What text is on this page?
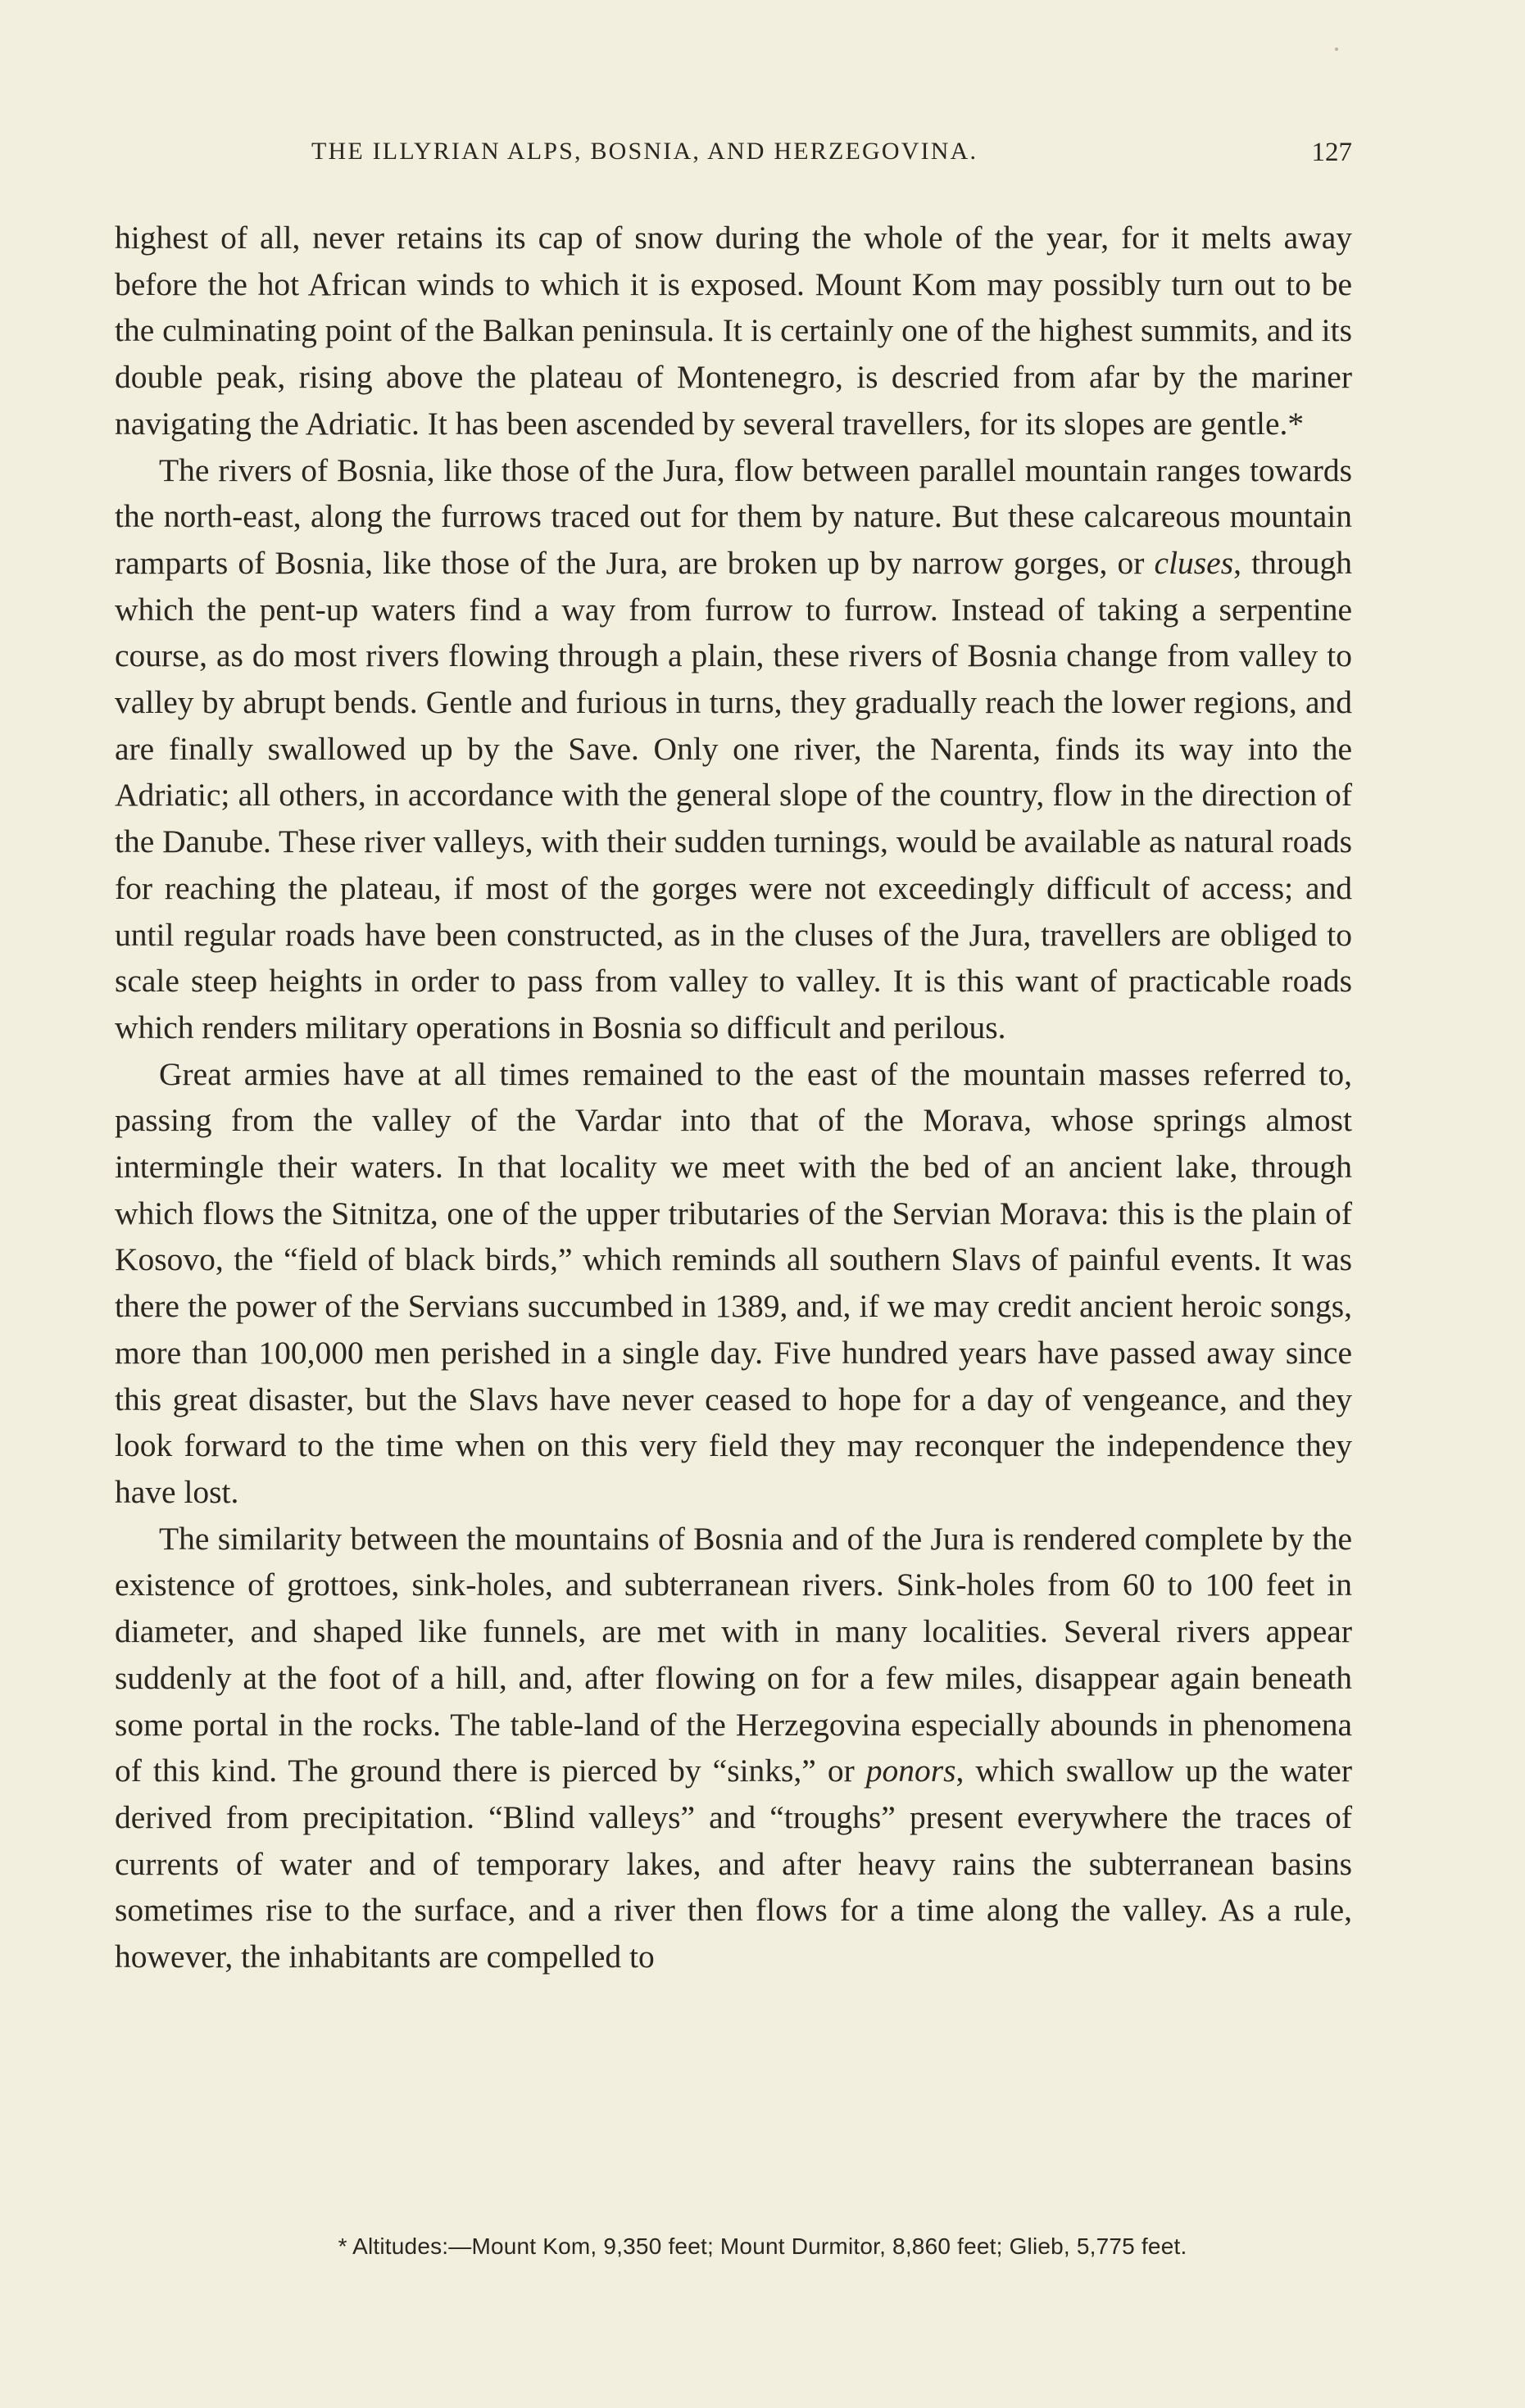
THE ILLYRIAN ALPS, BOSNIA, AND HERZEGOVINA.	127

highest of all, never retains its cap of snow during the whole of the year, for it melts away before the hot African winds to which it is exposed. Mount Kom may possibly turn out to be the culminating point of the Balkan peninsula. It is certainly one of the highest summits, and its double peak, rising above the plateau of Montenegro, is descried from afar by the mariner navigating the Adriatic. It has been ascended by several travellers, for its slopes are gentle.*

The rivers of Bosnia, like those of the Jura, flow between parallel mountain ranges towards the north-east, along the furrows traced out for them by nature. But these calcareous mountain ramparts of Bosnia, like those of the Jura, are broken up by narrow gorges, or cluses, through which the pent-up waters find a way from furrow to furrow. Instead of taking a serpentine course, as do most rivers flowing through a plain, these rivers of Bosnia change from valley to valley by abrupt bends. Gentle and furious in turns, they gradually reach the lower regions, and are finally swallowed up by the Save. Only one river, the Narenta, finds its way into the Adriatic; all others, in accordance with the general slope of the country, flow in the direction of the Danube. These river valleys, with their sudden turnings, would be available as natural roads for reaching the plateau, if most of the gorges were not exceedingly difficult of access; and until regular roads have been constructed, as in the cluses of the Jura, travellers are obliged to scale steep heights in order to pass from valley to valley. It is this want of practicable roads which renders military operations in Bosnia so difficult and perilous.

Great armies have at all times remained to the east of the mountain masses referred to, passing from the valley of the Vardar into that of the Morava, whose springs almost intermingle their waters. In that locality we meet with the bed of an ancient lake, through which flows the Sitnitza, one of the upper tributaries of the Servian Morava: this is the plain of Kosovo, the “field of black birds,” which reminds all southern Slavs of painful events. It was there the power of the Servians succumbed in 1389, and, if we may credit ancient heroic songs, more than 100,000 men perished in a single day. Five hundred years have passed away since this great disaster, but the Slavs have never ceased to hope for a day of vengeance, and they look forward to the time when on this very field they may reconquer the independence they have lost.

The similarity between the mountains of Bosnia and of the Jura is rendered complete by the existence of grottoes, sink-holes, and subterranean rivers. Sink-holes from 60 to 100 feet in diameter, and shaped like funnels, are met with in many localities. Several rivers appear suddenly at the foot of a hill, and, after flowing on for a few miles, disappear again beneath some portal in the rocks. The table-land of the Herzegovina especially abounds in phenomena of this kind. The ground there is pierced by “sinks,” or ponors, which swallow up the water derived from precipitation. “Blind valleys” and “troughs” present everywhere the traces of currents of water and of temporary lakes, and after heavy rains the subterranean basins sometimes rise to the surface, and a river then flows for a time along the valley. As a rule, however, the inhabitants are compelled to

* Altitudes:—Mount Kom, 9,350 feet; Mount Durmitor, 8,860 feet; Glieb, 5,775 feet.
